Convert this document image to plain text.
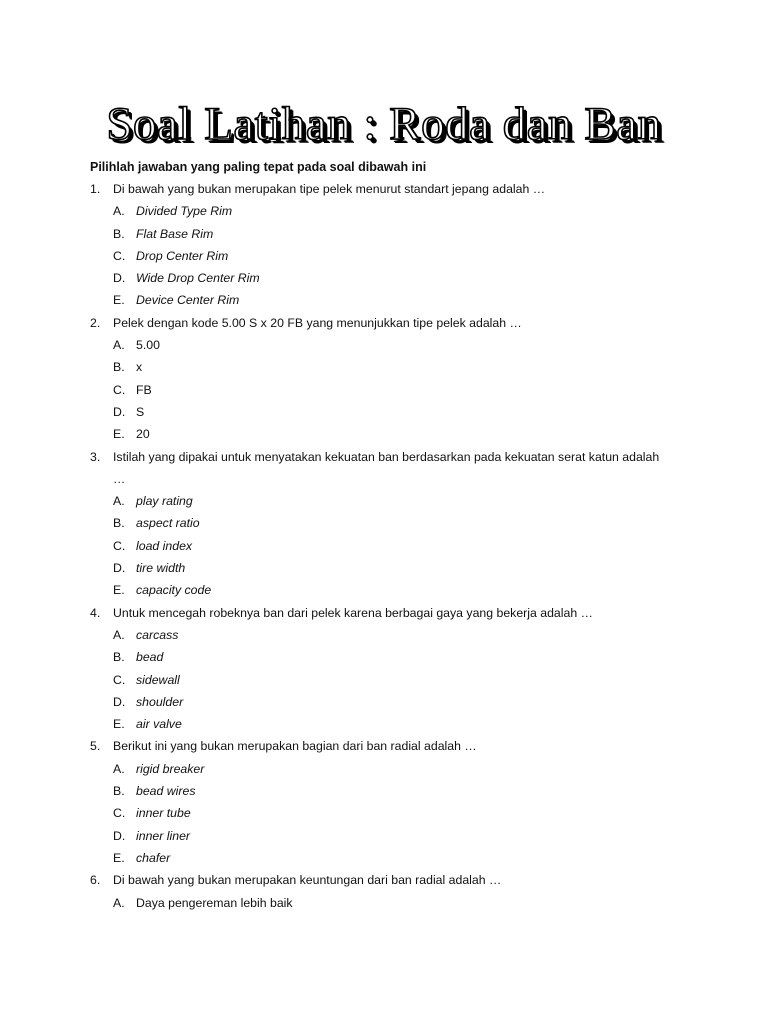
Soal Latihan : Roda dan Ban
Pilihlah jawaban yang paling tepat pada soal dibawah ini
1. Di bawah yang bukan merupakan tipe pelek menurut standart jepang adalah …
A. Divided Type Rim
B. Flat Base Rim
C. Drop Center Rim
D. Wide Drop Center Rim
E. Device Center Rim
2. Pelek dengan kode 5.00 S x 20 FB yang menunjukkan tipe pelek adalah …
A. 5.00
B. x
C. FB
D. S
E. 20
3. Istilah yang dipakai untuk menyatakan kekuatan ban berdasarkan pada kekuatan serat katun adalah
…
A. play rating
B. aspect ratio
C. load index
D. tire width
E. capacity code
4. Untuk mencegah robeknya ban dari pelek karena berbagai gaya yang bekerja adalah …
A. carcass
B. bead
C. sidewall
D. shoulder
E. air valve
5. Berikut ini yang bukan merupakan bagian dari ban radial adalah …
A. rigid breaker
B. bead wires
C. inner tube
D. inner liner
E. chafer
6. Di bawah yang bukan merupakan keuntungan dari ban radial adalah …
A. Daya pengereman lebih baik
